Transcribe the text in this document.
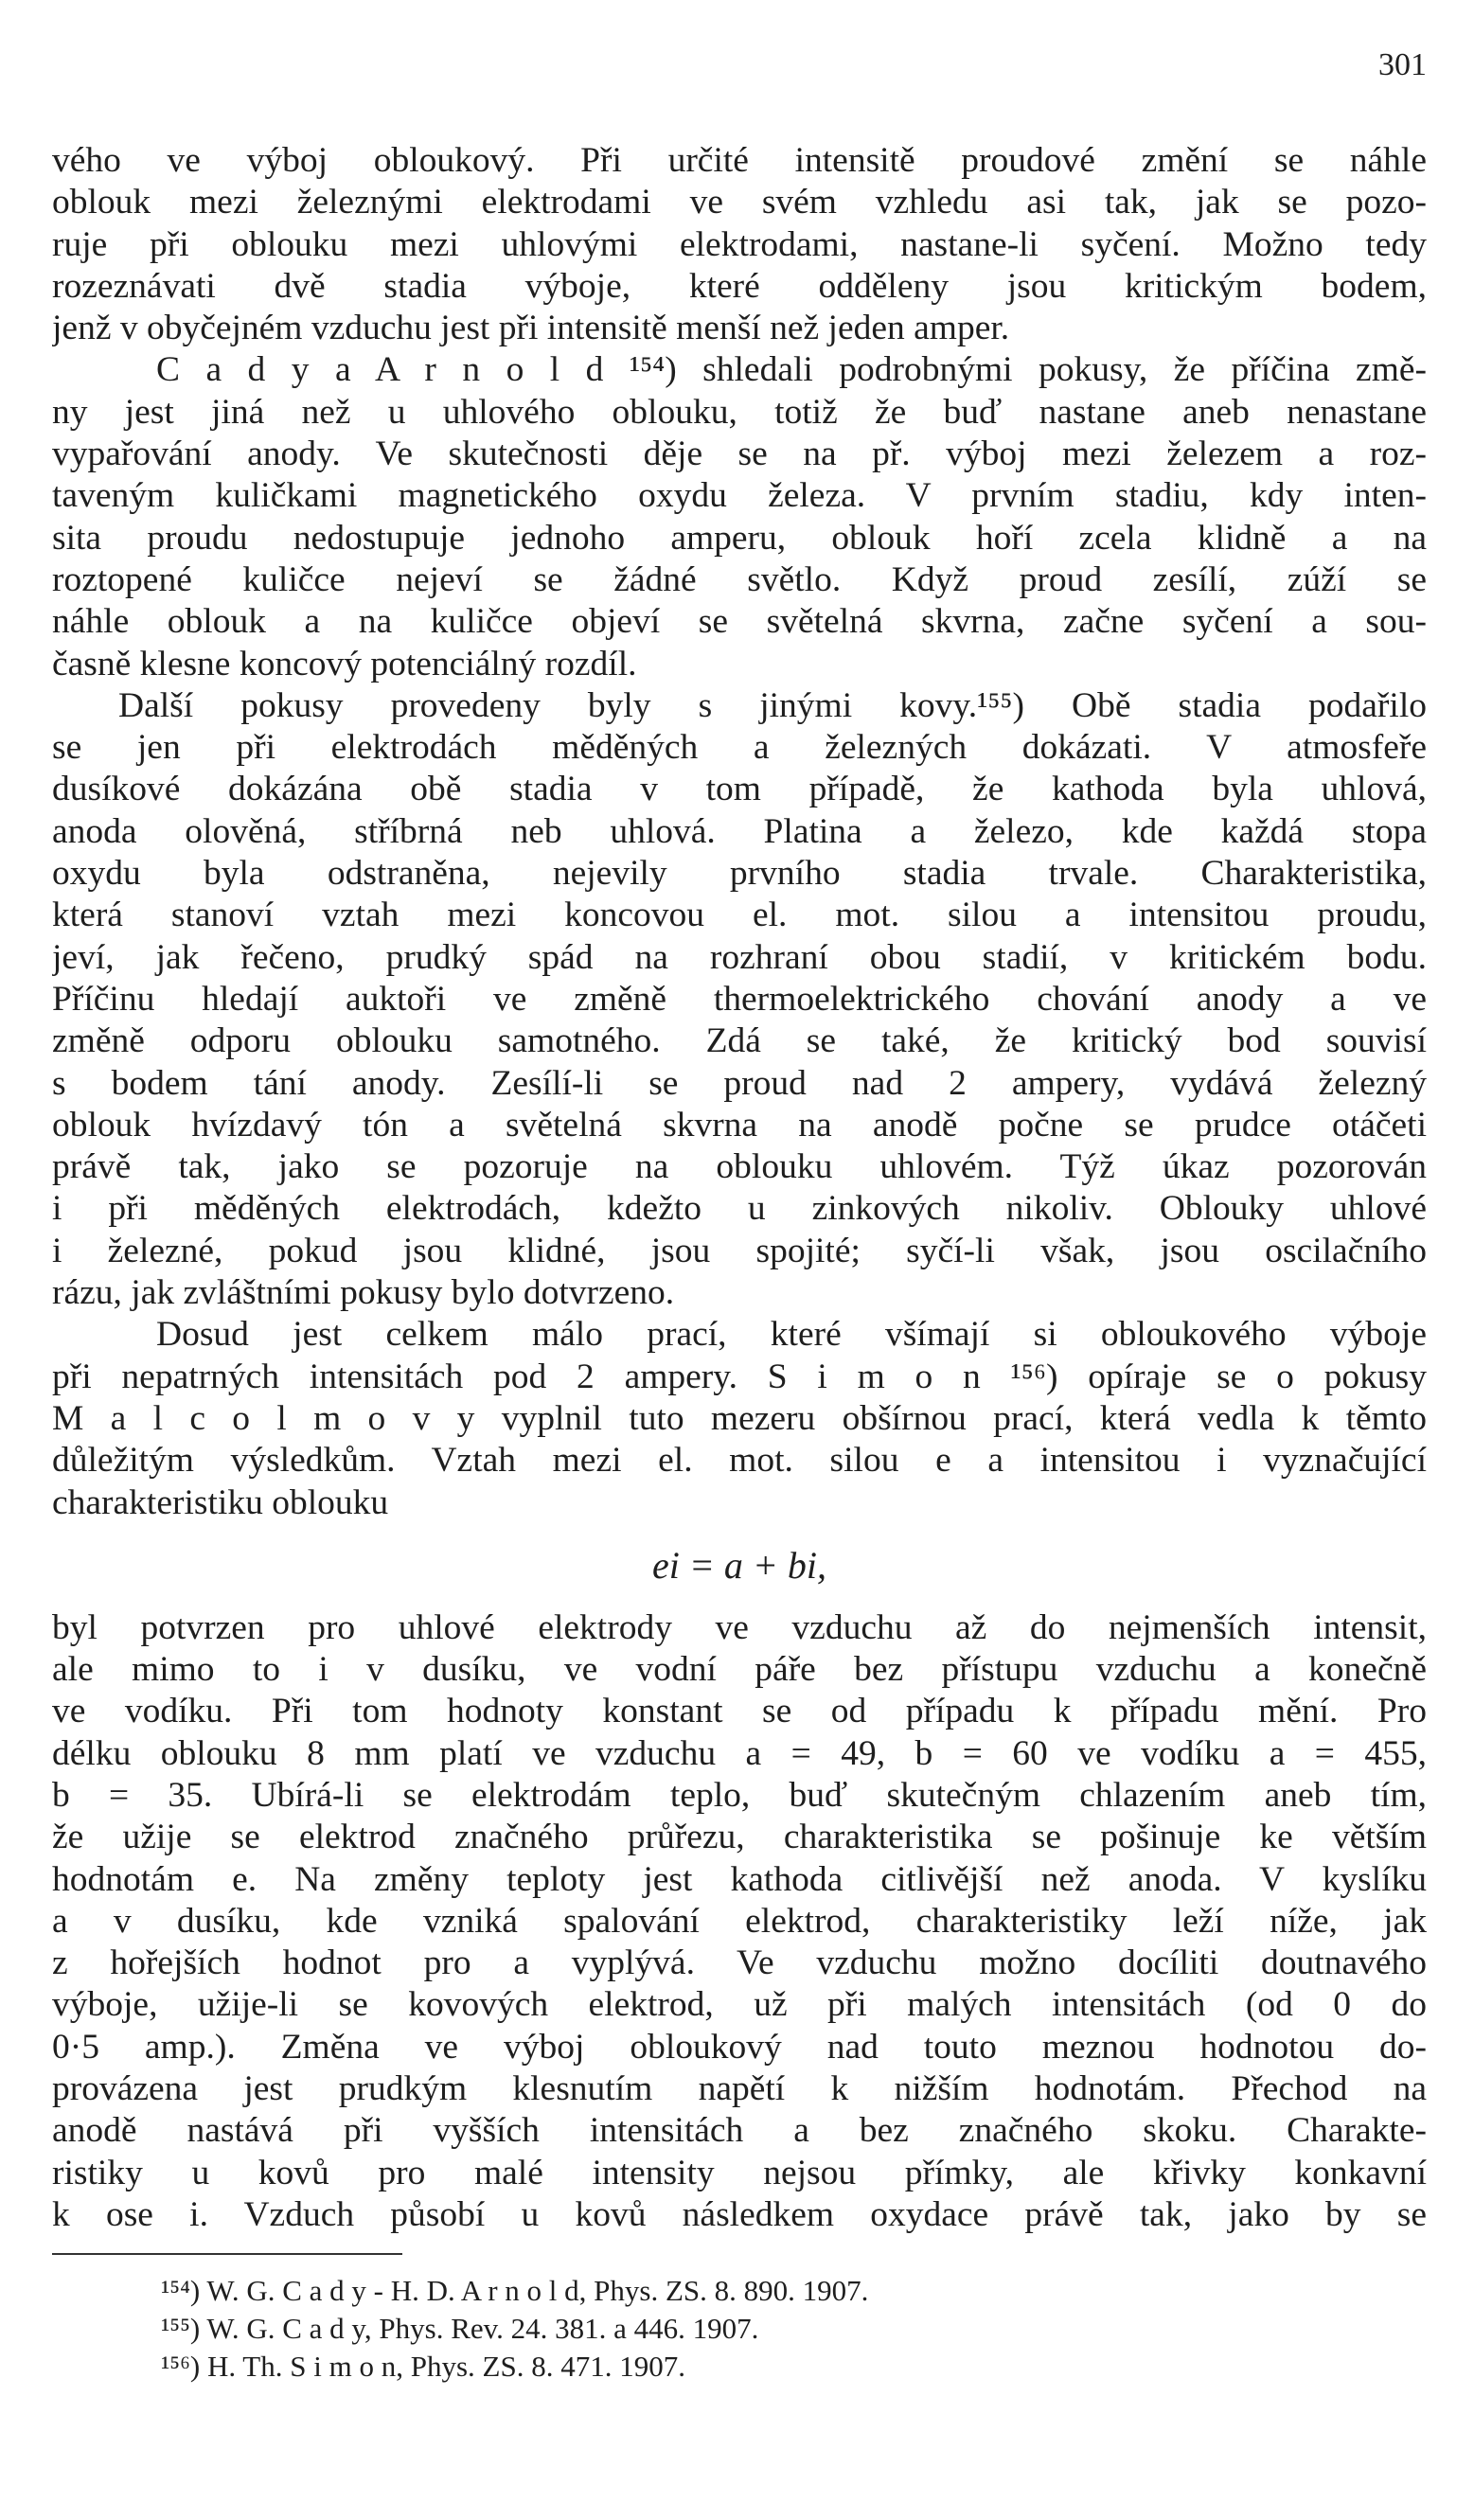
301

vého ve výboj obloukový. Při určité intensitě proudové změní se náhle
oblouk mezi železnými elektrodami ve svém vzhledu asi tak, jak se pozo-
ruje při oblouku mezi uhlovými elektrodami, nastane-li syčení. Možno tedy
rozeznávati dvě stadia výboje, které odděleny jsou kritickým bodem,
jenž v obyčejném vzduchu jest při intensitě menší než jeden amper.
C a d y a A r n o l d ¹⁵⁴) shledali podrobnými pokusy, že příčina změ-
ny jest jiná než u uhlového oblouku, totiž že buď nastane aneb nenastane
vypařování anody. Ve skutečnosti děje se na př. výboj mezi železem a roz-
taveným kuličkami magnetického oxydu železa. V prvním stadiu, kdy inten-
sita proudu nedostupuje jednoho amperu, oblouk hoří zcela klidně a na
roztopené kuličce nejeví se žádné světlo. Když proud zesílí, zúží se
náhle oblouk a na kuličce objeví se světelná skvrna, začne syčení a sou-
časně klesne koncový potenciálný rozdíl.
Další pokusy provedeny byly s jinými kovy.¹⁵⁵) Obě stadia podařilo
se jen při elektrodách měděných a železných dokázati. V atmosfeře
dusíkové dokázána obě stadia v tom případě, že kathoda byla uhlová,
anoda olověná, stříbrná neb uhlová. Platina a železo, kde každá stopa
oxydu byla odstraněna, nejevily prvního stadia trvale. Charakteristika,
která stanoví vztah mezi koncovou el. mot. silou a intensitou proudu,
jeví, jak řečeno, prudký spád na rozhraní obou stadií, v kritickém bodu.
Příčinu hledají auktoři ve změně thermoelektrického chování anody a ve
změně odporu oblouku samotného. Zdá se také, že kritický bod souvisí
s bodem tání anody. Zesílí-li se proud nad 2 ampery, vydává železný
oblouk hvízdavý tón a světelná skvrna na anodě počne se prudce otáčeti
právě tak, jako se pozoruje na oblouku uhlovém. Týž úkaz pozorován
i při měděných elektrodách, kdežto u zinkových nikoliv. Oblouky uhlové
i železné, pokud jsou klidné, jsou spojité; syčí-li však, jsou oscilačního
rázu, jak zvláštními pokusy bylo dotvrzeno.
Dosud jest celkem málo prací, které všímají si obloukového výboje
při nepatrných intensitách pod 2 ampery. S i m o n ¹⁵⁶) opíraje se o pokusy
M a l c o l m o v y vyplnil tuto mezeru obšírnou prací, která vedla k těmto
důležitým výsledkům. Vztah mezi el. mot. silou e a intensitou i vyznačující
charakteristiku oblouku
ei = a + bi,
byl potvrzen pro uhlové elektrody ve vzduchu až do nejmenších intensit,
ale mimo to i v dusíku, ve vodní páře bez přístupu vzduchu a konečně
ve vodíku. Při tom hodnoty konstant se od případu k případu mění. Pro
délku oblouku 8 mm platí ve vzduchu a = 49, b = 60 ve vodíku a = 455,
b = 35. Ubírá-li se elektrodám teplo, buď skutečným chlazením aneb tím,
že užije se elektrod značného průřezu, charakteristika se pošinuje ke větším
hodnotám e. Na změny teploty jest kathoda citlivější než anoda. V kyslíku
a v dusíku, kde vzniká spalování elektrod, charakteristiky leží níže, jak
z hořejších hodnot pro a vyplývá. Ve vzduchu možno docíliti doutnavého
výboje, užije-li se kovových elektrod, už při malých intensitách (od 0 do
0·5 amp.). Změna ve výboj obloukový nad touto meznou hodnotou do-
provázena jest prudkým klesnutím napětí k nižším hodnotám. Přechod na
anodě nastává při vyšších intensitách a bez značného skoku. Charakte-
ristiky u kovů pro malé intensity nejsou přímky, ale křivky konkavní
k ose i. Vzduch působí u kovů následkem oxydace právě tak, jako by se
¹⁵⁴) W. G. C a d y - H. D. A r n o l d, Phys. ZS. 8. 890. 1907.
¹⁵⁵) W. G. C a d y, Phys. Rev. 24. 381. a 446. 1907.
¹⁵⁶) H. Th. S i m o n, Phys. ZS. 8. 471. 1907.
